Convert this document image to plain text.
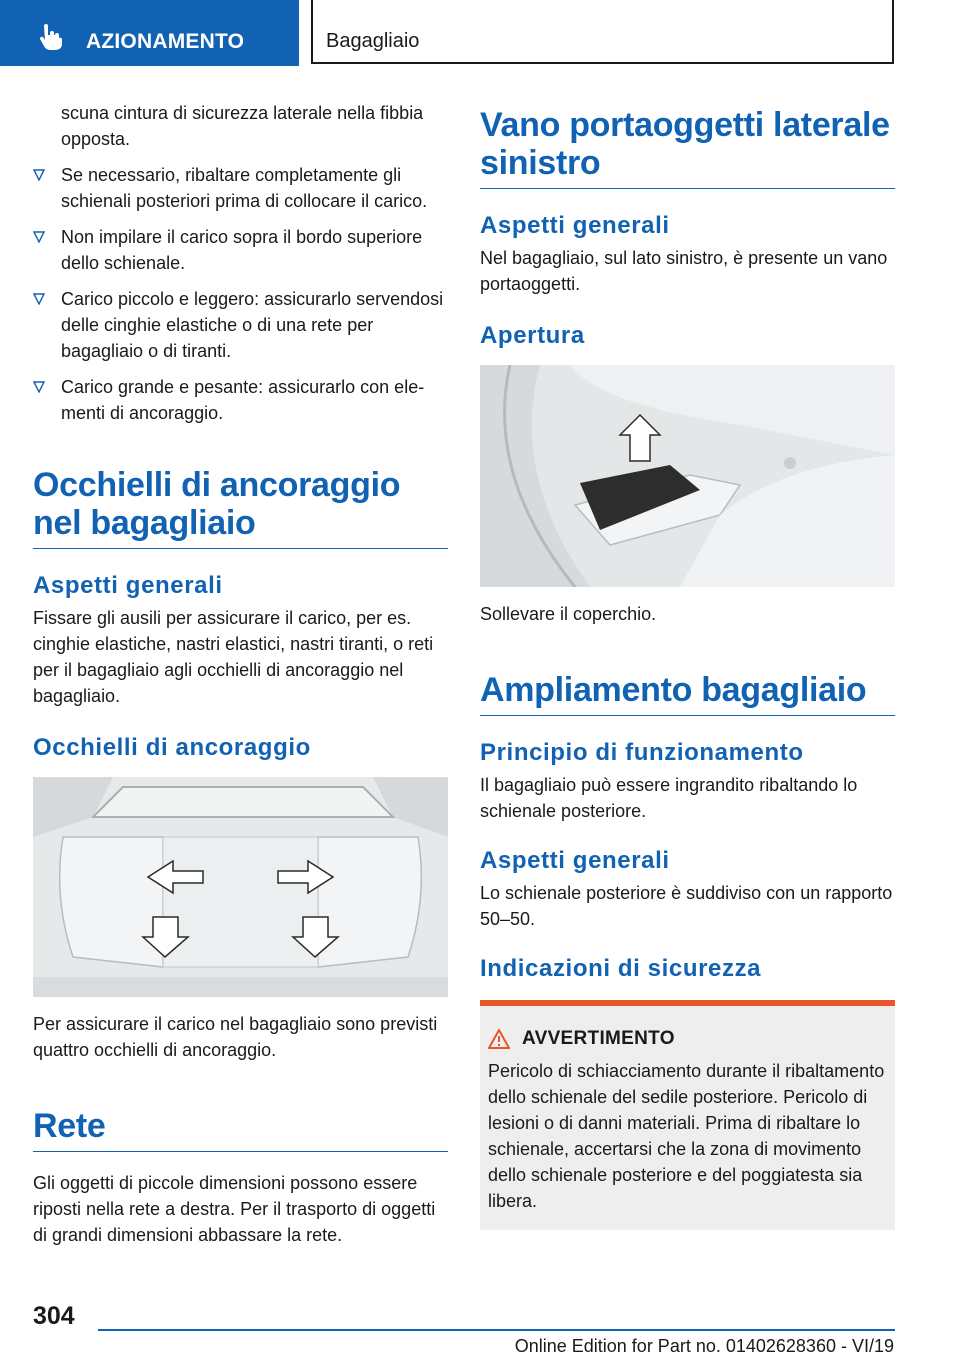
AZIONAMENTO	Bagagliaio

scuna cintura di sicurezza laterale nella fibbia opposta.

Se necessario, ribaltare completamente gli schienali posteriori prima di collocare il carico.

Non impilare il carico sopra il bordo superiore dello schienale.

Carico piccolo e leggero: assicurarlo servendosi delle cinghie elastiche o di una rete per bagagliaio o di tiranti.

Carico grande e pesante: assicurarlo con elementi di ancoraggio.

Occhielli di ancoraggio nel bagagliaio
Aspetti generali

Fissare gli ausili per assicurare il carico, per es. cinghie elastiche, nastri elastici, nastri tiranti, o reti per il bagagliaio agli occhielli di ancoraggio nel bagagliaio.

Occhielli di ancoraggio

Per assicurare il carico nel bagagliaio sono previsti quattro occhielli di ancoraggio.

Rete

Gli oggetti di piccole dimensioni possono essere riposti nella rete a destra. Per il trasporto di oggetti di grandi dimensioni abbassare la rete.

Vano portaoggetti laterale sinistro
Aspetti generali

Nel bagagliaio, sul lato sinistro, è presente un vano portaoggetti.

Apertura

Sollevare il coperchio.

Ampliamento bagagliaio
Principio di funzionamento

Il bagagliaio può essere ingrandito ribaltando lo schienale posteriore.

Aspetti generali

Lo schienale posteriore è suddiviso con un rapporto 50–50.

Indicazioni di sicurezza
AVVERTIMENTO

Pericolo di schiacciamento durante il ribaltamento dello schienale del sedile posteriore. Pericolo di lesioni o di danni materiali. Prima di ribaltare lo schienale, accertarsi che la zona di movimento dello schienale posteriore e del poggiatesta sia libera.

304
Online Edition for Part no. 01402628360 - VI/19
